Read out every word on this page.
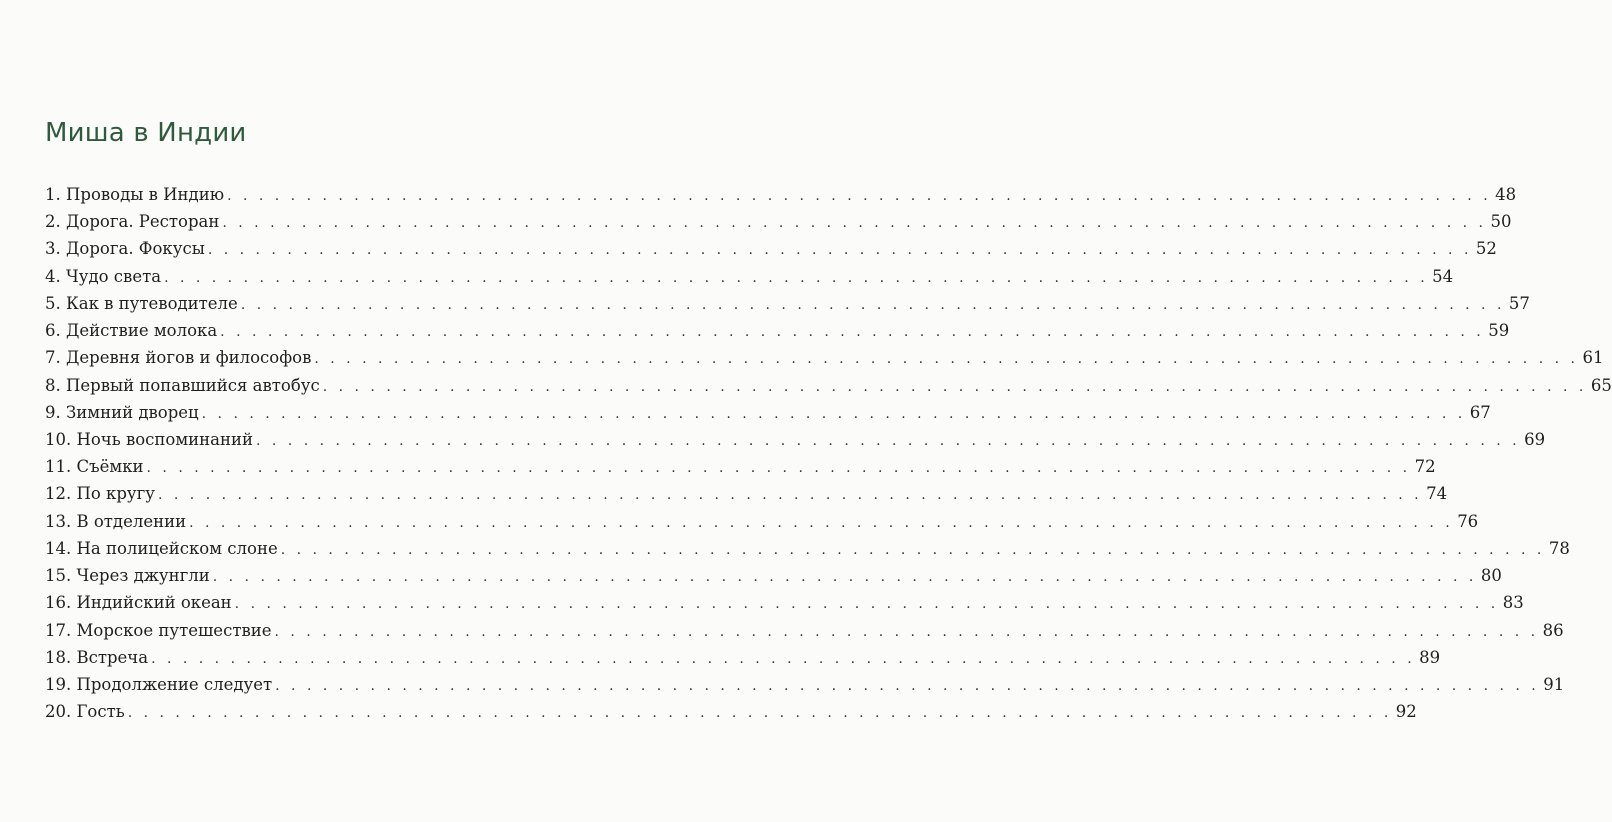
Миша в Индии
1. Проводы в Индию . . . . . . . . . . . . . . . . . . . . . . . . . . . . . . . . . . . . . . . . . . . . . . . . . . . . . . . . . . . . . . . . . . . . . . . . . . . . . . . . 48
2. Дорога. Ресторан . . . . . . . . . . . . . . . . . . . . . . . . . . . . . . . . . . . . . . . . . . . . . . . . . . . . . . . . . . . . . . . . . . . . . . . . . . . . . . . . 50
3. Дорога. Фокусы . . . . . . . . . . . . . . . . . . . . . . . . . . . . . . . . . . . . . . . . . . . . . . . . . . . . . . . . . . . . . . . . . . . . . . . . . . . . . . . . 52
4. Чудо света . . . . . . . . . . . . . . . . . . . . . . . . . . . . . . . . . . . . . . . . . . . . . . . . . . . . . . . . . . . . . . . . . . . . . . . . . . . . . . . . 54
5. Как в путеводителе . . . . . . . . . . . . . . . . . . . . . . . . . . . . . . . . . . . . . . . . . . . . . . . . . . . . . . . . . . . . . . . . . . . . . . . . . . . . . . . . 57
6. Действие молока . . . . . . . . . . . . . . . . . . . . . . . . . . . . . . . . . . . . . . . . . . . . . . . . . . . . . . . . . . . . . . . . . . . . . . . . . . . . . . . . 59
7. Деревня йогов и философов . . . . . . . . . . . . . . . . . . . . . . . . . . . . . . . . . . . . . . . . . . . . . . . . . . . . . . . . . . . . . . . . . . . . . . . . . . . . . . . . 61
8. Первый попавшийся автобус . . . . . . . . . . . . . . . . . . . . . . . . . . . . . . . . . . . . . . . . . . . . . . . . . . . . . . . . . . . . . . . . . . . . . . . . . . . . . . . . 65
9. Зимний дворец . . . . . . . . . . . . . . . . . . . . . . . . . . . . . . . . . . . . . . . . . . . . . . . . . . . . . . . . . . . . . . . . . . . . . . . . . . . . . . . . 67
10. Ночь воспоминаний . . . . . . . . . . . . . . . . . . . . . . . . . . . . . . . . . . . . . . . . . . . . . . . . . . . . . . . . . . . . . . . . . . . . . . . . . . . . . . . . 69
11. Съёмки . . . . . . . . . . . . . . . . . . . . . . . . . . . . . . . . . . . . . . . . . . . . . . . . . . . . . . . . . . . . . . . . . . . . . . . . . . . . . . . . 72
12. По кругу . . . . . . . . . . . . . . . . . . . . . . . . . . . . . . . . . . . . . . . . . . . . . . . . . . . . . . . . . . . . . . . . . . . . . . . . . . . . . . . . 74
13. В отделении . . . . . . . . . . . . . . . . . . . . . . . . . . . . . . . . . . . . . . . . . . . . . . . . . . . . . . . . . . . . . . . . . . . . . . . . . . . . . . . . 76
14. На полицейском слоне . . . . . . . . . . . . . . . . . . . . . . . . . . . . . . . . . . . . . . . . . . . . . . . . . . . . . . . . . . . . . . . . . . . . . . . . . . . . . . . . 78
15. Через джунгли . . . . . . . . . . . . . . . . . . . . . . . . . . . . . . . . . . . . . . . . . . . . . . . . . . . . . . . . . . . . . . . . . . . . . . . . . . . . . . . . 80
16. Индийский океан . . . . . . . . . . . . . . . . . . . . . . . . . . . . . . . . . . . . . . . . . . . . . . . . . . . . . . . . . . . . . . . . . . . . . . . . . . . . . . . . 83
17. Морское путешествие . . . . . . . . . . . . . . . . . . . . . . . . . . . . . . . . . . . . . . . . . . . . . . . . . . . . . . . . . . . . . . . . . . . . . . . . . . . . . . . . 86
18. Встреча . . . . . . . . . . . . . . . . . . . . . . . . . . . . . . . . . . . . . . . . . . . . . . . . . . . . . . . . . . . . . . . . . . . . . . . . . . . . . . . . 89
19. Продолжение следует . . . . . . . . . . . . . . . . . . . . . . . . . . . . . . . . . . . . . . . . . . . . . . . . . . . . . . . . . . . . . . . . . . . . . . . . . . . . . . . . 91
20. Гость . . . . . . . . . . . . . . . . . . . . . . . . . . . . . . . . . . . . . . . . . . . . . . . . . . . . . . . . . . . . . . . . . . . . . . . . . . . . . . . . 92
